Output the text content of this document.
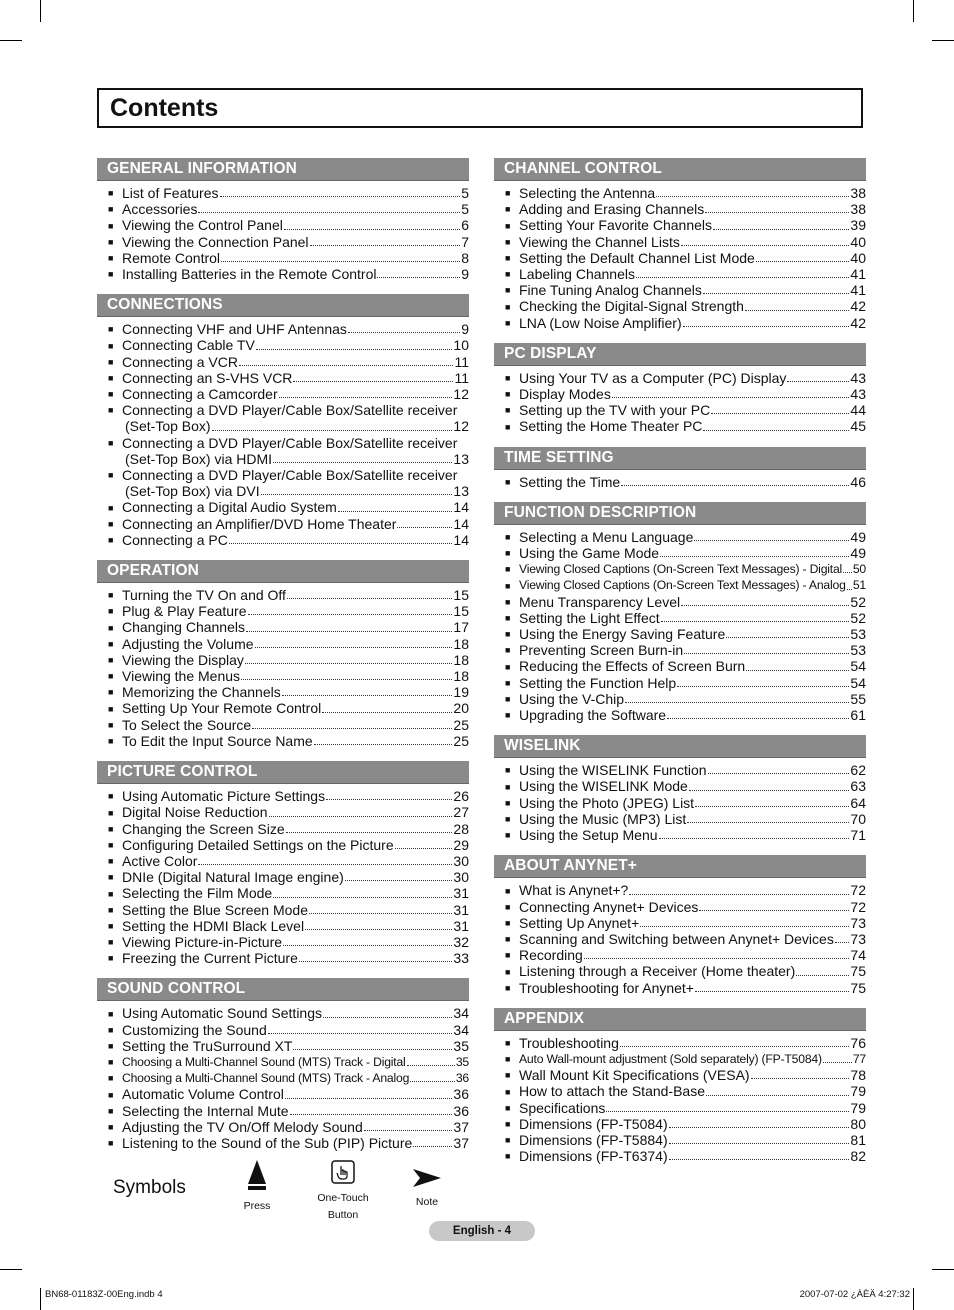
Contents
GENERAL INFORMATION
■ List of Features	5
■ Accessories	5
■ Viewing the Control Panel	6
■ Viewing the Connection Panel	7
■ Remote Control	8
■ Installing Batteries in the Remote Control	9
CONNECTIONS
■ Connecting VHF and UHF Antennas	9
■ Connecting Cable TV	10
■ Connecting a VCR	11
■ Connecting an S-VHS VCR	11
■ Connecting a Camcorder	12
■ Connecting a DVD Player/Cable Box/Satellite receiver
(Set-Top Box)	12
■ Connecting a DVD Player/Cable Box/Satellite receiver
(Set-Top Box) via HDMI	13
■ Connecting a DVD Player/Cable Box/Satellite receiver
(Set-Top Box) via DVI	13
■ Connecting a Digital Audio System	14
■ Connecting an Amplifier/DVD Home Theater	14
■ Connecting a PC	14
OPERATION
■ Turning the TV On and Off	15
■ Plug & Play Feature	15
■ Changing Channels	17
■ Adjusting the Volume	18
■ Viewing the Display	18
■ Viewing the Menus	18
■ Memorizing the Channels	19
■ Setting Up Your Remote Control	20
■ To Select the Source	25
■ To Edit the Input Source Name	25
PICTURE CONTROL
■ Using Automatic Picture Settings	26
■ Digital Noise Reduction	27
■ Changing the Screen Size	28
■ Configuring Detailed Settings on the Picture	29
■ Active Color	30
■ DNIe (Digital Natural Image engine)	30
■ Selecting the Film Mode	31
■ Setting the Blue Screen Mode	31
■ Setting the HDMI Black Level	31
■ Viewing Picture-in-Picture	32
■ Freezing the Current Picture	33
SOUND CONTROL
■ Using Automatic Sound Settings	34
■ Customizing the Sound	34
■ Setting the TruSurround XT	35
■ Choosing a Multi-Channel Sound (MTS) Track - Digital	35
■ Choosing a Multi-Channel Sound (MTS) Track - Analog	36
■ Automatic Volume Control	36
■ Selecting the Internal Mute	36
■ Adjusting the TV On/Off Melody Sound	37
■ Listening to the Sound of the Sub (PIP) Picture	37
CHANNEL CONTROL
■ Selecting the Antenna	38
■ Adding and Erasing Channels	38
■ Setting Your Favorite Channels	39
■ Viewing the Channel Lists	40
■ Setting the Default Channel List Mode	40
■ Labeling Channels	41
■ Fine Tuning Analog Channels	41
■ Checking the Digital-Signal Strength	42
■ LNA (Low Noise Amplifier)	42
PC DISPLAY
■ Using Your TV as a Computer (PC) Display	43
■ Display Modes	43
■ Setting up the TV with your PC	44
■ Setting the Home Theater PC	45
TIME SETTING
■ Setting the Time	46
FUNCTION DESCRIPTION
■ Selecting a Menu Language	49
■ Using the Game Mode	49
■ Viewing Closed Captions (On-Screen Text Messages) - Digital 50
■ Viewing Closed Captions (On-Screen Text Messages) - Analog 51
■ Menu Transparency Level	52
■ Setting the Light Effect	52
■ Using the Energy Saving Feature	53
■ Preventing Screen Burn-in	53
■ Reducing the Effects of Screen Burn	54
■ Setting the Function Help	54
■ Using the V-Chip	55
■ Upgrading the Software	61
WISELINK
■ Using the WISELINK Function	62
■ Using the WISELINK Mode	63
■ Using the Photo (JPEG) List	64
■ Using the Music (MP3) List	70
■ Using the Setup Menu	71
ABOUT ANYNET+
■ What is Anynet+?	72
■ Connecting Anynet+ Devices	72
■ Setting Up Anynet+	73
■ Scanning and Switching between Anynet+ Devices 73
■ Recording	74
■ Listening through a Receiver (Home theater)	75
■ Troubleshooting for Anynet+	75
APPENDIX
■ Troubleshooting	76
■ Auto Wall-mount adjustment (Sold separately) (FP-T5084)	77
■ Wall Mount Kit Specifications (VESA)	78
■ How to attach the Stand-Base	79
■ Specifications	79
■ Dimensions (FP-T5084)	80
■ Dimensions (FP-T5884)	81
■ Dimensions (FP-T6374)	82
Symbols
Press
One-Touch
Button
Note
English - 4
BN68-01183Z-00Eng.indb 4	2007-07-02 ¿ÀÈÄ 4:27:32
